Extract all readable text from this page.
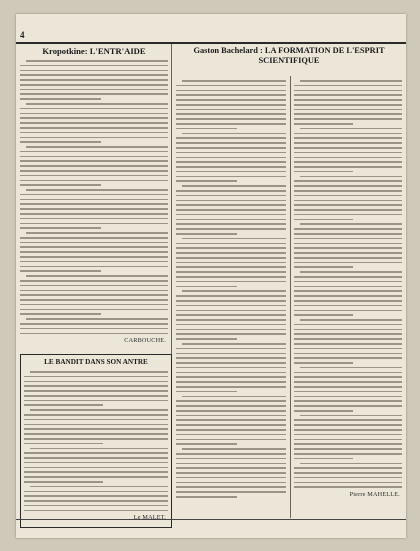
4
Kropotkine: L'ENTR'AIDE
CARBOUCHE.
LE BANDIT DANS SON ANTRE
Le MALET.
Gaston Bachelard : LA FORMATION DE L'ESPRIT SCIENTIFIQUE
Pierre MAHELLE.
